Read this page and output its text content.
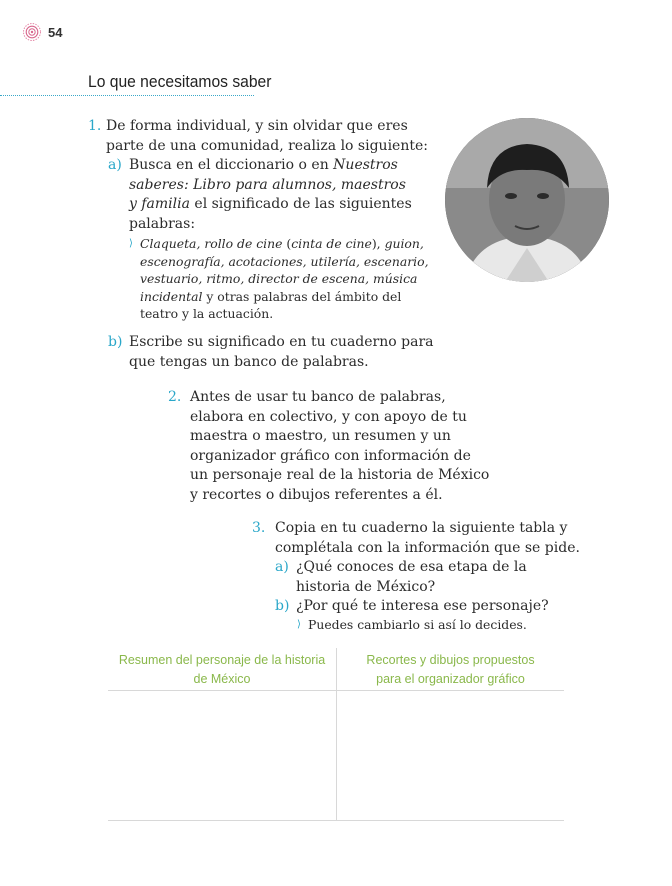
54
Lo que necesitamos saber
1. De forma individual, y sin olvidar que eres
parte de una comunidad, realiza lo siguiente:
a) Busca en el diccionario o en Nuestros
saberes: Libro para alumnos, maestros
y familia el significado de las siguientes
palabras:
⟩ Claqueta, rollo de cine (cinta de cine), guion,
escenografía, acotaciones, utilería, escenario,
vestuario, ritmo, director de escena, música
incidental y otras palabras del ámbito del
teatro y la actuación.
b) Escribe su significado en tu cuaderno para
que tengas un banco de palabras.
2. Antes de usar tu banco de palabras,
elabora en colectivo, y con apoyo de tu
maestra o maestro, un resumen y un
organizador gráfico con información de
un personaje real de la historia de México
y recortes o dibujos referentes a él.
3. Copia en tu cuaderno la siguiente tabla y
complétala con la información que se pide.
a) ¿Qué conoces de esa etapa de la
historia de México?
b) ¿Por qué te interesa ese personaje?
⟩ Puedes cambiarlo si así lo decides.
Resumen del personaje de la historia
de México
Recortes y dibujos propuestos
para el organizador gráfico
